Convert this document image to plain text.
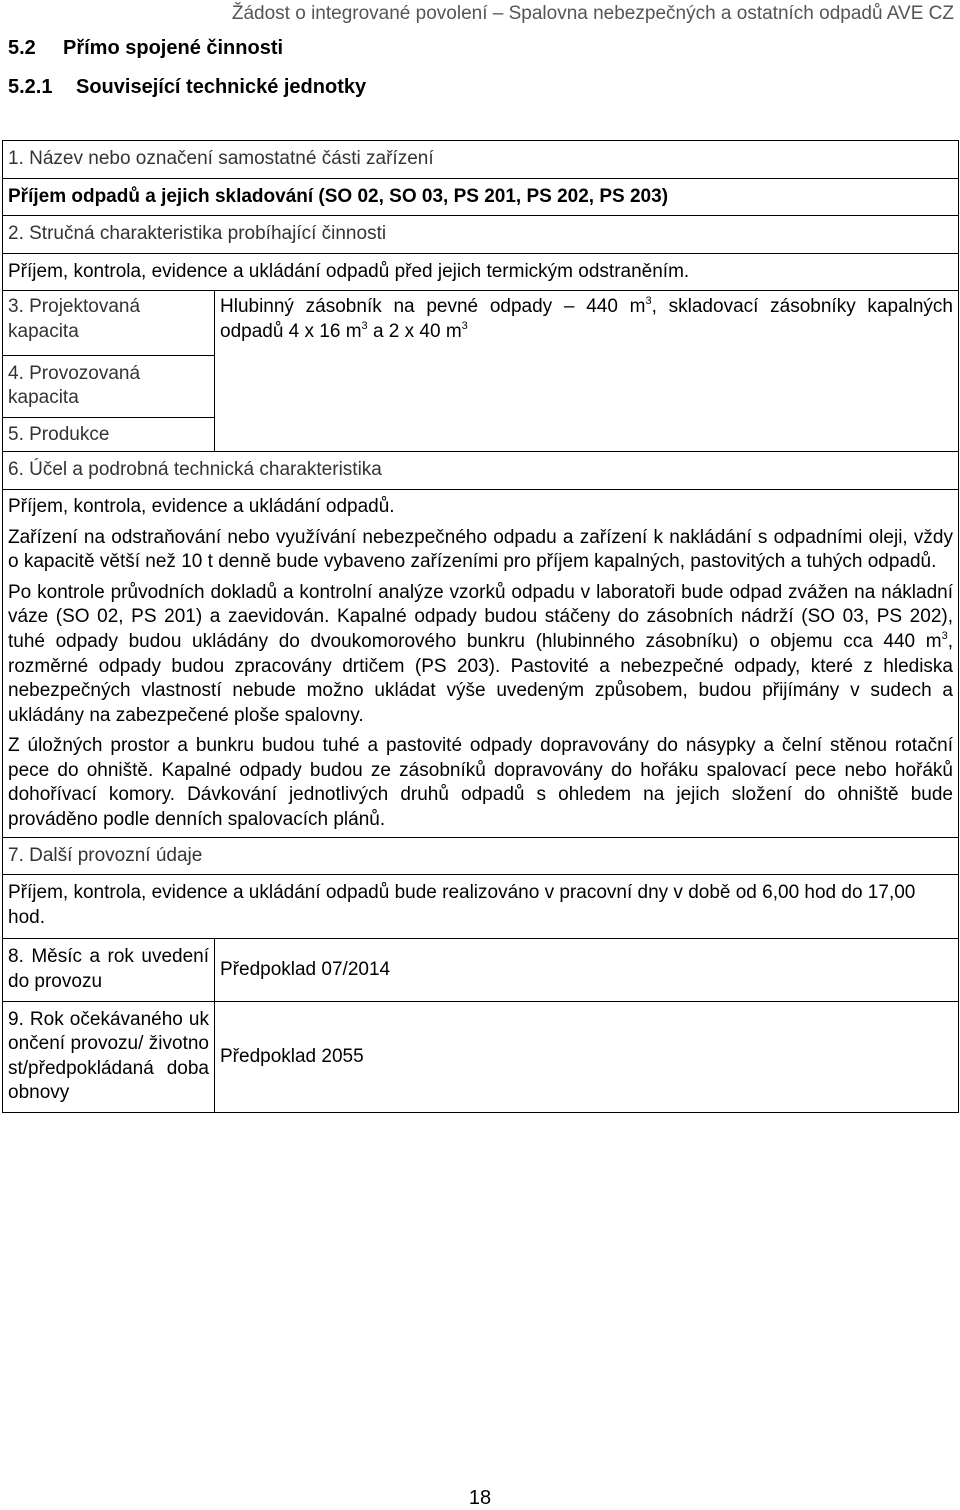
Žádost o integrované povolení – Spalovna nebezpečných a ostatních odpadů AVE CZ
5.2 Přímo spojené činnosti
5.2.1 Související technické jednotky
1. Název nebo označení samostatné části zařízení	
Příjem odpadů a jejich skladování (SO 02, SO 03, PS 201, PS 202, PS 203)	
2. Stručná charakteristika probíhající činnosti	
Příjem, kontrola, evidence a ukládání odpadů před jejich termickým odstraněním.	
3. Projektovaná kapacita	Hlubinný zásobník na pevné odpady – 440 $m^3$, skladovací zásobníky kapalných odpadů 4 x 16 $m^3$ a 2 x 40 $m^3$
4. Provozovaná kapacita	
5. Produkce	
6. Účel a podrobná technická charakteristika	

Příjem, kontrola, evidence a ukládání odpadů.

Zařízení na odstraňování nebo využívání nebezpečného odpadu a zařízení k nakládání s odpadními oleji, vždy o kapacitě větší než 10 t denně bude vybaveno zařízeními pro příjem kapalných, pastovitých a tuhých odpadů.

Po kontrole průvodních dokladů a kontrolní analýze vzorků odpadu v laboratoři bude odpad zvážen na nákladní váze (SO 02, PS 201) a zaevidován. Kapalné odpady budou stáčeny do zásobních nádrží (SO 03, PS 202), tuhé odpady budou ukládány do dvoukomorového bunkru (hlubinného zásobníku) o objemu cca 440 $m^3$, rozměrné odpady budou zpracovány drtičem (PS 203). Pastovité a nebezpečné odpady, které z hlediska nebezpečných vlastností nebude možno ukládat výše uvedeným způsobem, budou přijímány v sudech a ukládány na zabezpečené ploše spalovny.

Z úložných prostor a bunkru budou tuhé a pastovité odpady dopravovány do násypky a čelní stěnou rotační pece do ohniště. Kapalné odpady budou ze zásobníků dopravovány do hořáku spalovací pece nebo hořáků dohořívací komory. Dávkování jednotlivých druhů odpadů s ohledem na jejich složení do ohniště bude prováděno podle denních spalovacích plánů.	

7. Další provozní údaje	
Příjem, kontrola, evidence a ukládání odpadů bude realizováno v pracovní dny v době od 6,00 hod do 17,00 hod.	
8. Měsíc a rok uvedení do provozu	Předpoklad 07/2014
9. Rok očekávaného ukončení provozu/ životnost/předpokládaná doba obnovy	Předpoklad 2055
18
